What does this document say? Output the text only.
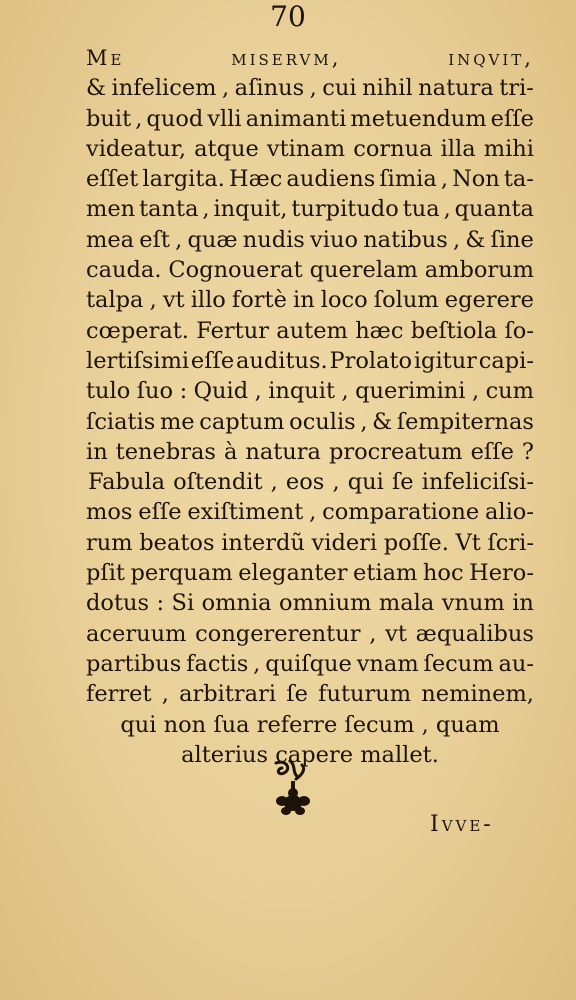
70
Me	miservm,	inqvit,
& infelicem , aſinus , cui nihil natura tri-
buit , quod vlli animanti metuendum eſſe
videatur, atque vtinam cornua illa mihi
eſſet largita. Hæc audiens ſimia , Non ta-
men tanta , inquit, turpitudo tua , quanta
mea eſt , quæ nudis viuo natibus , & ſine
cauda. Cognouerat querelam amborum
talpa , vt illo fortè in loco ſolum egerere
cœperat. Fertur autem hæc beſtiola ſo-
lertiſsimi eſſe auditus. Prolato igitur capi-
tulo ſuo : Quid , inquit , querimini , cum
ſciatis me captum oculis , & ſempiternas
in tenebras à natura procreatum eſſe ?
Fabula oſtendit , eos , qui ſe infeliciſsi-
mos eſſe exiſtiment , comparatione alio-
rum beatos interdũ videri poſſe. Vt ſcri-
pſit perquam eleganter etiam hoc Hero-
dotus : Si omnia omnium mala vnum in
aceruum congererentur , vt æqualibus
partibus factis , quiſque vnam ſecum au-
ferret , arbitrari ſe futurum neminem,
qui non ſua referre ſecum , quam
alterius capere mallet.
Ivve-
